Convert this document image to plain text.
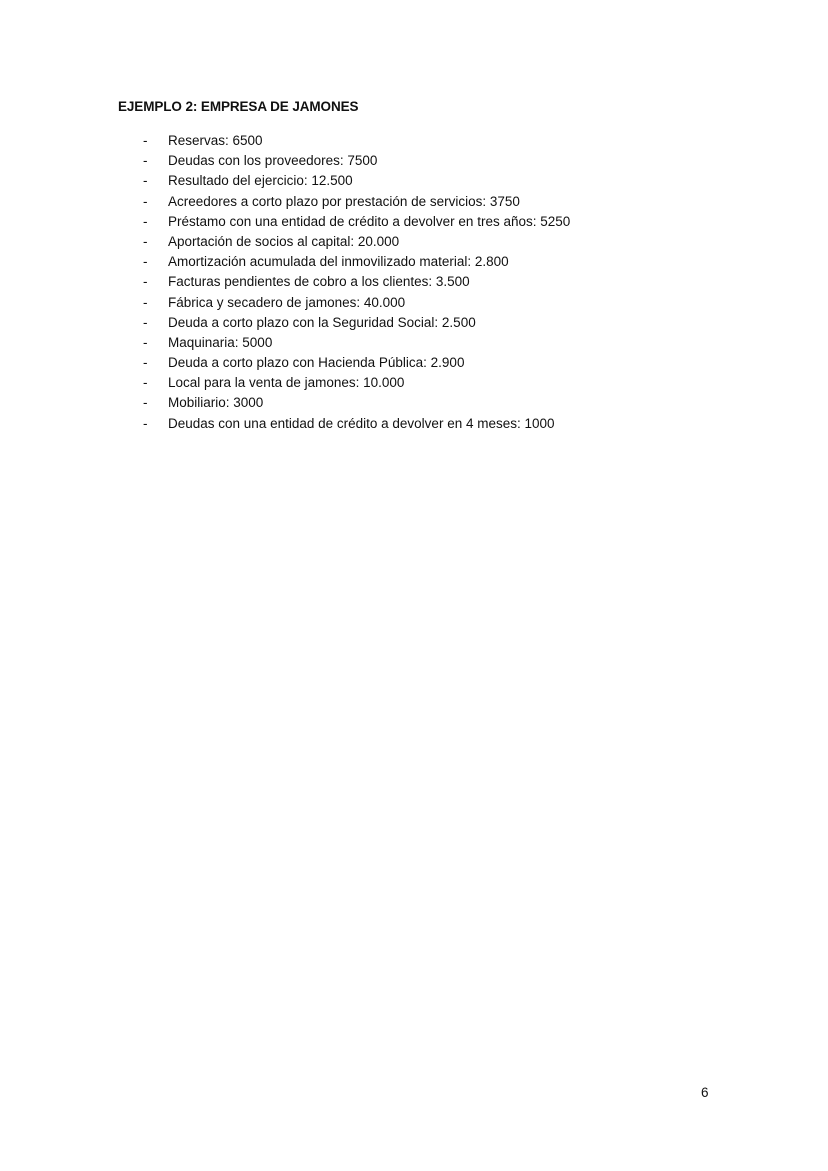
EJEMPLO 2: EMPRESA DE JAMONES
-	Reservas: 6500
-	Deudas con los proveedores: 7500
-	Resultado del ejercicio: 12.500
-	Acreedores a corto plazo por prestación de servicios: 3750
-	Préstamo con una entidad de crédito a devolver en tres años: 5250
-	Aportación de socios al capital: 20.000
-	Amortización acumulada del inmovilizado material: 2.800
-	Facturas pendientes de cobro a los clientes: 3.500
-	Fábrica y secadero de jamones: 40.000
-	Deuda a corto plazo con la Seguridad Social: 2.500
-	Maquinaria: 5000
-	Deuda a corto plazo con Hacienda Pública: 2.900
-	Local para la venta de jamones: 10.000
-	Mobiliario: 3000
-	Deudas con una entidad de crédito a devolver en 4 meses: 1000
6
